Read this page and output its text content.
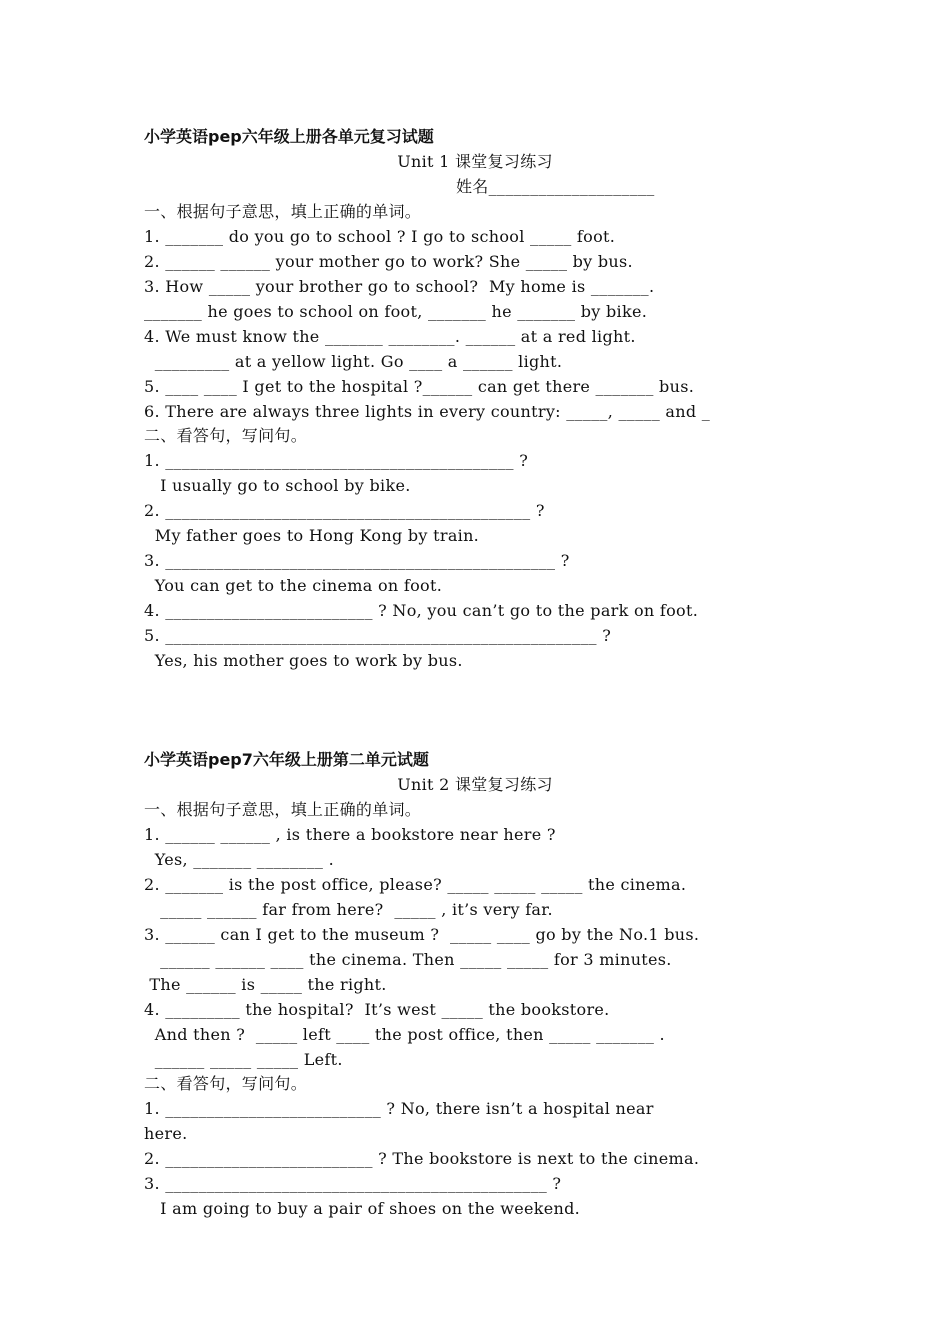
小学英语pep六年级上册各单元复习试题
Unit 1 课堂复习练习
姓名____________________
一、根据句子意思，填上正确的单词。
1. _______ do you go to school ? I go to school _____ foot.
2. ______ ______ your mother go to work? She _____ by bus.
3. How _____ your brother go to school?  My home is _______.
_______ he goes to school on foot, _______ he _______ by bike.
4. We must know the _______ ________. ______ at a red light.
_________ at a yellow light. Go ____ a ______ light.
5. ____ ____ I get to the hospital ?______ can get there _______ bus.
6. There are always three lights in every country: _____, _____ and _
二、看答句，写问句。
1. __________________________________________ ?
I usually go to school by bike.
2. ____________________________________________ ?
My father goes to Hong Kong by train.
3. _______________________________________________ ?
You can get to the cinema on foot.
4. _________________________ ? No, you can’t go to the park on foot.
5. ____________________________________________________ ?
Yes, his mother goes to work by bus.
小学英语pep7六年级上册第二单元试题
Unit 2 课堂复习练习
一、根据句子意思，填上正确的单词。
1. ______ ______ , is there a bookstore near here ?
Yes, _______ ________ .
2. _______ is the post office, please? _____ _____ _____ the cinema.
_____ ______ far from here?  _____ , it’s very far.
3. ______ can I get to the museum ?  _____ ____ go by the No.1 bus.
______ ______ ____ the cinema. Then _____ _____ for 3 minutes.
The ______ is _____ the right.
4. _________ the hospital?  It’s west _____ the bookstore.
And then ?  _____ left ____ the post office, then _____ _______ .
______ _____ _____ Left.
二、看答句，写问句。
1. __________________________ ? No, there isn’t a hospital near
here.
2. _________________________ ? The bookstore is next to the cinema.
3. ______________________________________________ ?
I am going to buy a pair of shoes on the weekend.
